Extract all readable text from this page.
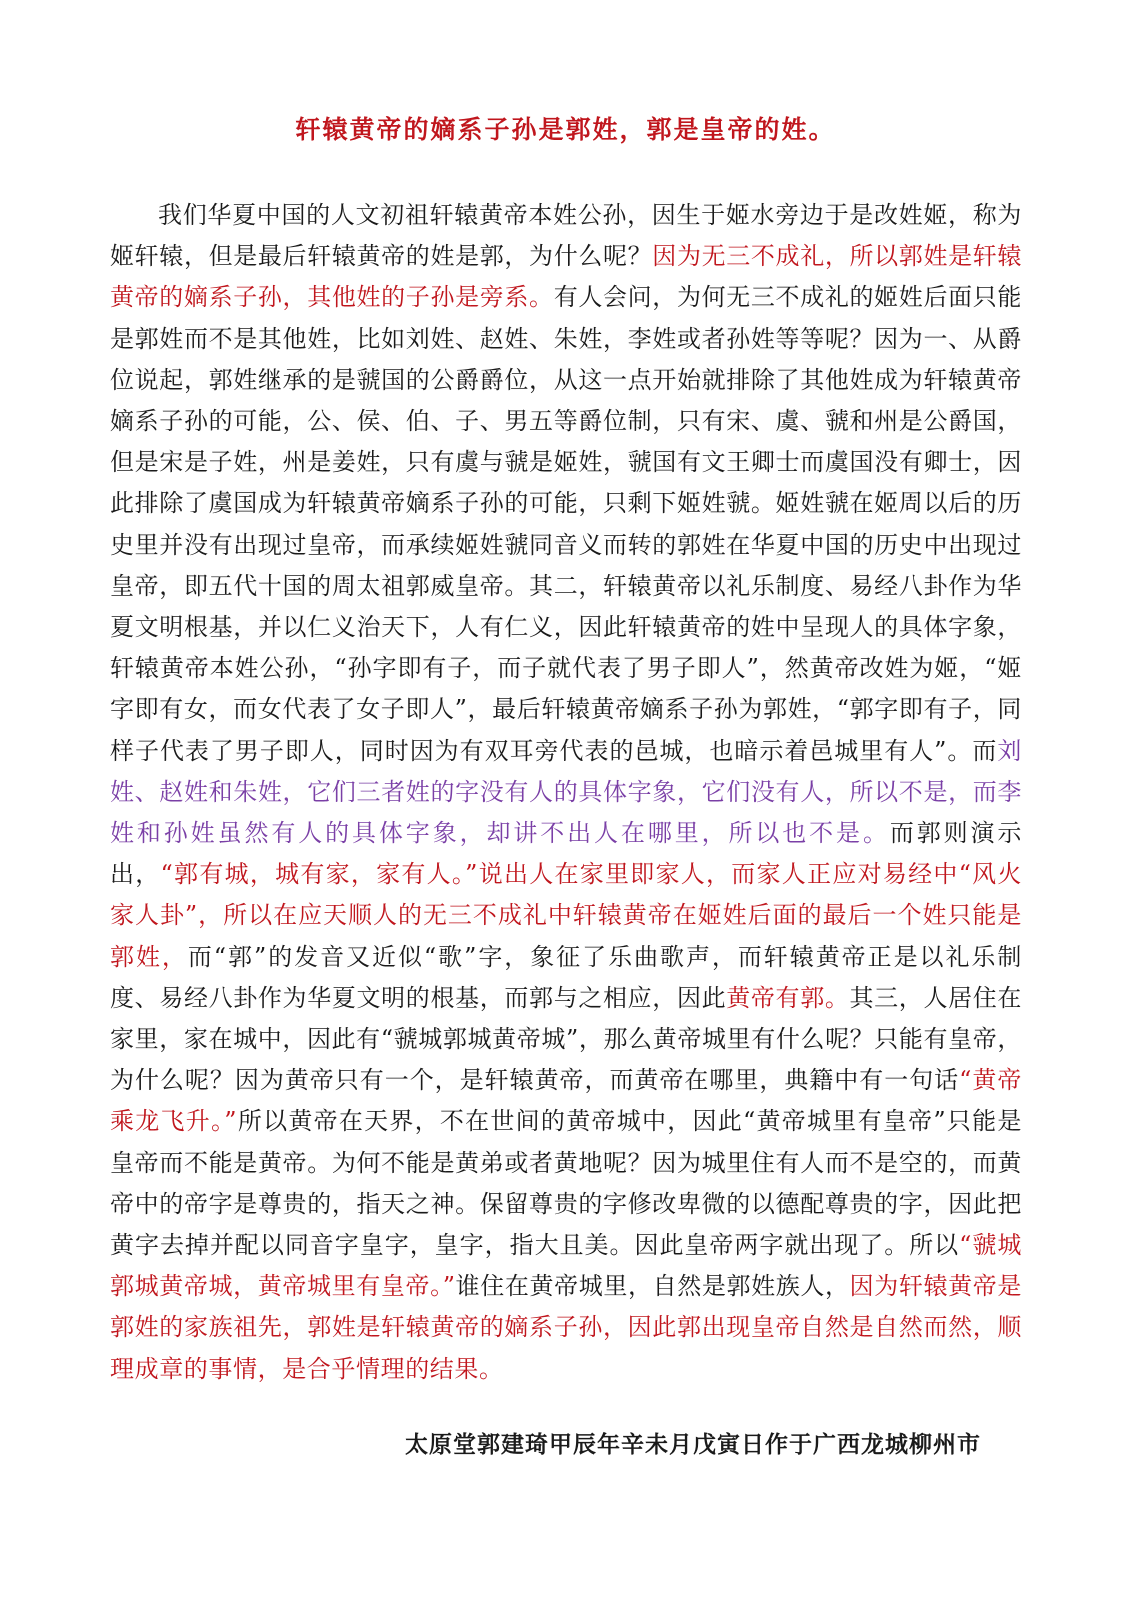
轩辕黄帝的嫡系子孙是郭姓，郭是皇帝的姓。

我们华夏中国的人文初祖轩辕黄帝本姓公孙，因生于姬水旁边于是改姓姬，称为姬轩辕，但是最后轩辕黄帝的姓是郭，为什么呢？因为无三不成礼，所以郭姓是轩辕黄帝的嫡系子孙，其他姓的子孙是旁系。有人会问，为何无三不成礼的姬姓后面只能是郭姓而不是其他姓，比如刘姓、赵姓、朱姓，李姓或者孙姓等等呢？因为一、从爵位说起，郭姓继承的是虢国的公爵爵位，从这一点开始就排除了其他姓成为轩辕黄帝嫡系子孙的可能，公、侯、伯、子、男五等爵位制，只有宋、虞、虢和州是公爵国，但是宋是子姓，州是姜姓，只有虞与虢是姬姓，虢国有文王卿士而虞国没有卿士，因此排除了虞国成为轩辕黄帝嫡系子孙的可能，只剩下姬姓虢。姬姓虢在姬周以后的历史里并没有出现过皇帝，而承续姬姓虢同音义而转的郭姓在华夏中国的历史中出现过皇帝，即五代十国的周太祖郭威皇帝。其二，轩辕黄帝以礼乐制度、易经八卦作为华夏文明根基，并以仁义治天下，人有仁义，因此轩辕黄帝的姓中呈现人的具体字象，轩辕黄帝本姓公孙，“孙字即有子，而子就代表了男子即人”，然黄帝改姓为姬，“姬字即有女，而女代表了女子即人”，最后轩辕黄帝嫡系子孙为郭姓，“郭字即有子，同样子代表了男子即人，同时因为有双耳旁代表的邑城，也暗示着邑城里有人”。而刘姓、赵姓和朱姓，它们三者姓的字没有人的具体字象，它们没有人，所以不是，而李姓和孙姓虽然有人的具体字象，却讲不出人在哪里，所以也不是。而郭则演示出，“郭有城，城有家，家有人。”说出人在家里即家人，而家人正应对易经中“风火家人卦”，所以在应天顺人的无三不成礼中轩辕黄帝在姬姓后面的最后一个姓只能是郭姓，而“郭”的发音又近似“歌”字，象征了乐曲歌声，而轩辕黄帝正是以礼乐制度、易经八卦作为华夏文明的根基，而郭与之相应，因此黄帝有郭。其三，人居住在家里，家在城中，因此有“虢城郭城黄帝城”，那么黄帝城里有什么呢？只能有皇帝，为什么呢？因为黄帝只有一个，是轩辕黄帝，而黄帝在哪里，典籍中有一句话“黄帝乘龙飞升。”所以黄帝在天界，不在世间的黄帝城中，因此“黄帝城里有皇帝”只能是皇帝而不能是黄帝。为何不能是黄弟或者黄地呢？因为城里住有人而不是空的，而黄帝中的帝字是尊贵的，指天之神。保留尊贵的字修改卑微的以德配尊贵的字，因此把黄字去掉并配以同音字皇字，皇字，指大且美。因此皇帝两字就出现了。所以“虢城郭城黄帝城，黄帝城里有皇帝。”谁住在黄帝城里，自然是郭姓族人，因为轩辕黄帝是郭姓的家族祖先，郭姓是轩辕黄帝的嫡系子孙，因此郭出现皇帝自然是自然而然，顺理成章的事情，是合乎情理的结果。

太原堂郭建琦甲辰年辛未月戊寅日作于广西龙城柳州市
